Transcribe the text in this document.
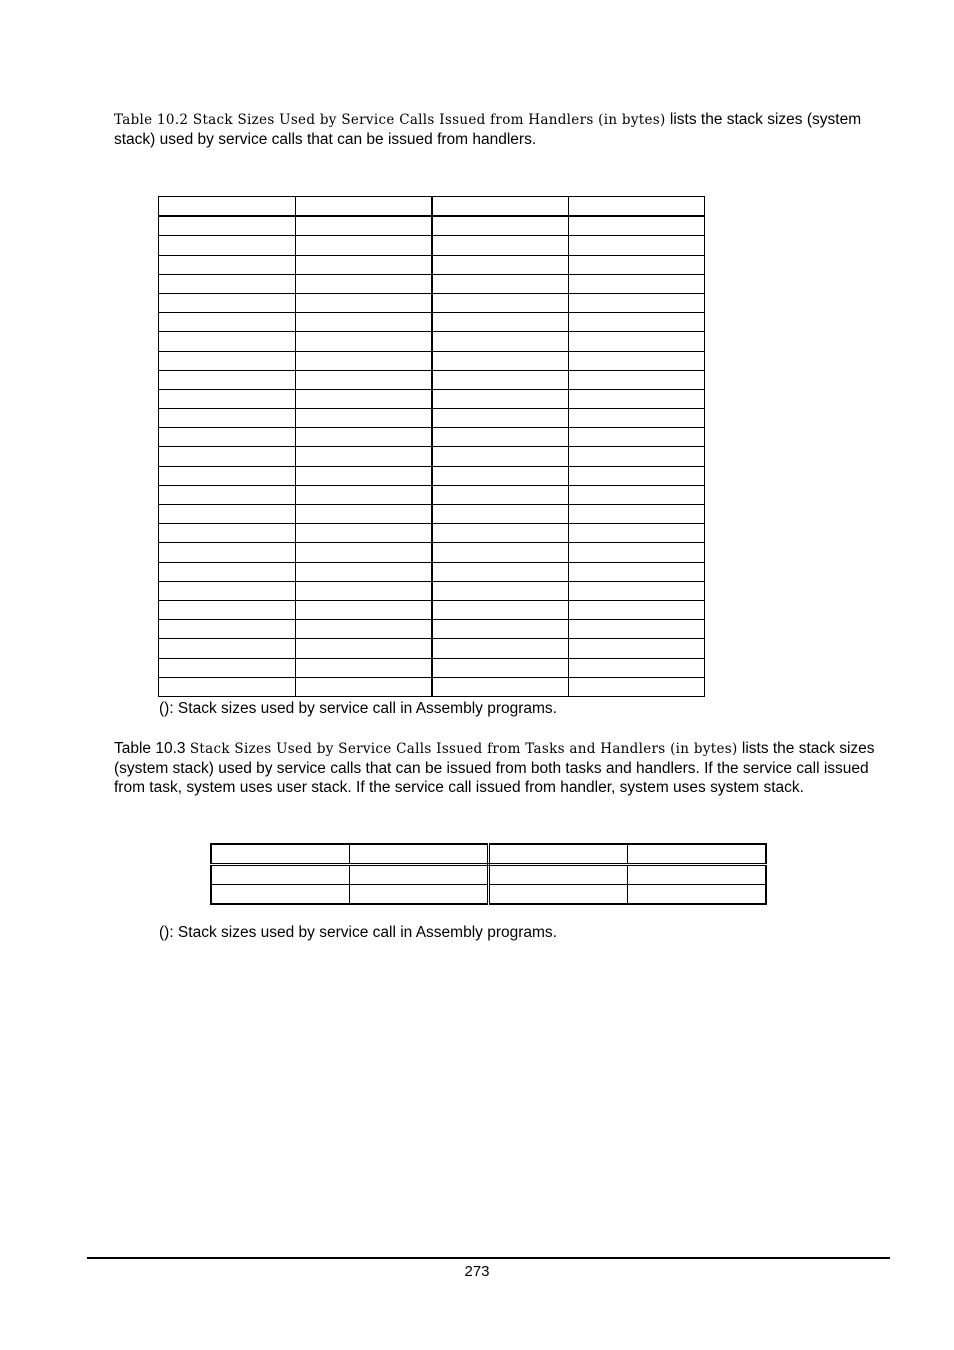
Table 10.2 Stack Sizes Used by Service Calls Issued from Handlers (in bytes) lists the stack sizes (system stack) used by service calls that can be issued from handlers.

(): Stack sizes used by service call in Assembly programs.

Table 10.3 Stack Sizes Used by Service Calls Issued from Tasks and Handlers (in bytes) lists the stack sizes (system stack) used by service calls that can be issued from both tasks and handlers. If the service call issued from task, system uses user stack. If the service call issued from handler, system uses system stack.

(): Stack sizes used by service call in Assembly programs.

273
